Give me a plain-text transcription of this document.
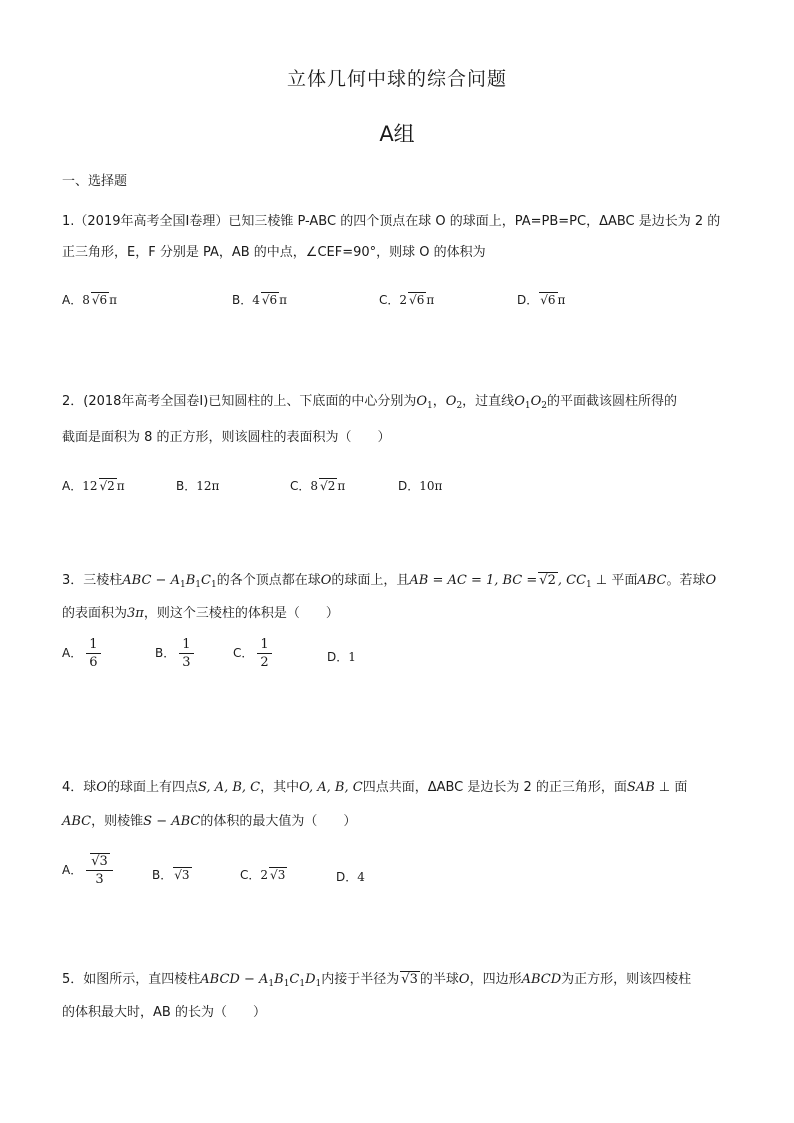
立体几何中球的综合问题
A组
一、选择题
1.（2019年高考全国Ⅰ卷理）已知三棱锥 P-ABC 的四个顶点在球 O 的球面上，PA=PB=PC，ΔABC 是边长为 2 的
正三角形，E，F 分别是 PA，AB 的中点，∠CEF=90°，则球 O 的体积为
A．8 √6 π	B．4 √6 π	C．2 √6 π	D． √6 π
2．(2018年高考全国卷Ⅰ)已知圆柱的上、下底面的中心分别为$O_1$，$O_2$，过直线$O_1O_2$的平面截该圆柱所得的
截面是面积为 8 的正方形，则该圆柱的表面积为（　　）
A．12 √2 π	B．12π	C．8 √2 π	D．10π
3．三棱柱ABC − $A_1B_1C_1$的各个顶点都在球O的球面上，且AB = AC = 1, BC = √2 , $CC_1$ ⊥ 平面ABC。若球O
的表面积为3π，则这个三棱柱的体积是（　　）
A． $\frac{1}{6}$	B． $\frac{1}{3}$	C． $\frac{1}{2}$	D．1
4．球O的球面上有四点S, A, B, C，其中O, A, B, C四点共面，ΔABC 是边长为 2 的正三角形，面SAB ⊥ 面
ABC，则棱锥S − ABC的体积的最大值为（　　）
A． $\frac{√3}{3}$	B． √3	C．2 √3	D．4
5．如图所示，直四棱柱ABCD − $A_1B_1C_1D_1$内接于半径为 √3 的半球O，四边形ABCD为正方形，则该四棱柱
的体积最大时，AB 的长为（　　）
